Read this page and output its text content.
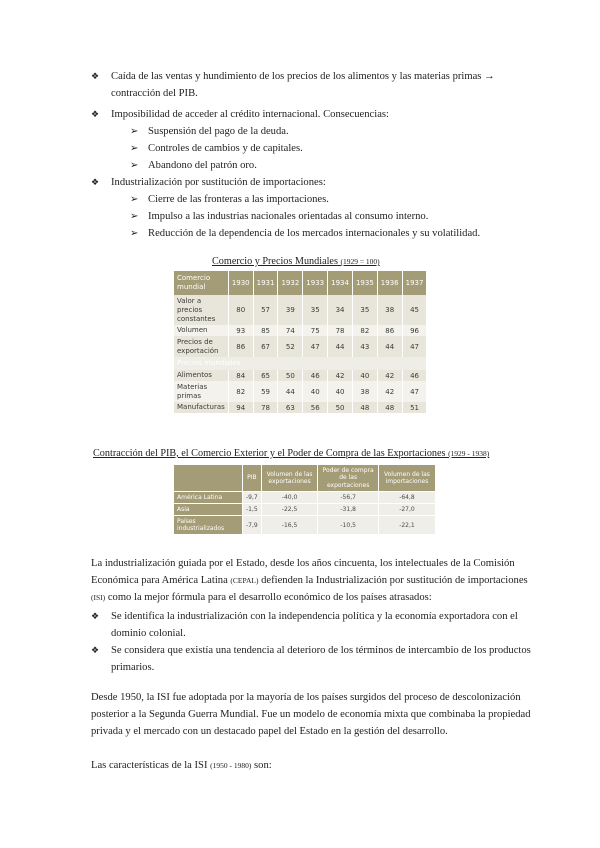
❖ Caída de las ventas y hundimiento de los precios de los alimentos y las materias primas → contracción del PIB.
❖ Imposibilidad de acceder al crédito internacional. Consecuencias:
➢ Suspensión del pago de la deuda.
➢ Controles de cambios y de capitales.
➢ Abandono del patrón oro.
❖ Industrialización por sustitución de importaciones:
➢ Cierre de las fronteras a las importaciones.
➢ Impulso a las industrias nacionales orientadas al consumo interno.
➢ Reducción de la dependencia de los mercados internacionales y su volatilidad.
Comercio y Precios Mundiales (1929 = 100)
Comercio mundial	1930	1931	1932	1933	1934	1935	1936	1937
Valor a precios constantes	80	57	39	35	34	35	38	45
Volumen	93	85	74	75	78	82	86	96
Precios de exportación	86	67	52	47	44	43	44	47
Precios mundiales								
Alimentos	84	65	50	46	42	40	42	46
Materias primas	82	59	44	40	40	38	42	47
Manufacturas	94	78	63	56	50	48	48	51
Contracción del PIB, el Comercio Exterior y el Poder de Compra de las Exportaciones (1929 - 1938)
	PIB	Volumen de las exportaciones	Poder de compra de las exportaciones	Volumen de las importaciones
América Latina	-9,7	-40,0	-56,7	-64,8
Asia	-1,5	-22,5	-31,8	-27,0
Países industrializados	-7,9	-16,5	-10,5	-22,1
La industrialización guiada por el Estado, desde los años cincuenta, los intelectuales de la Comisión Económica para América Latina (CEPAL) defienden la Industrialización por sustitución de importaciones (ISI) como la mejor fórmula para el desarrollo económico de los países atrasados:
❖ Se identifica la industrialización con la independencia política y la economía exportadora con el dominio colonial.
❖ Se considera que existía una tendencia al deterioro de los términos de intercambio de los productos primarios.
Desde 1950, la ISI fue adoptada por la mayoría de los países surgidos del proceso de descolonización posterior a la Segunda Guerra Mundial. Fue un modelo de economía mixta que combinaba la propiedad privada y el mercado con un destacado papel del Estado en la gestión del desarrollo.
Las características de la ISI (1950 - 1980) son:
